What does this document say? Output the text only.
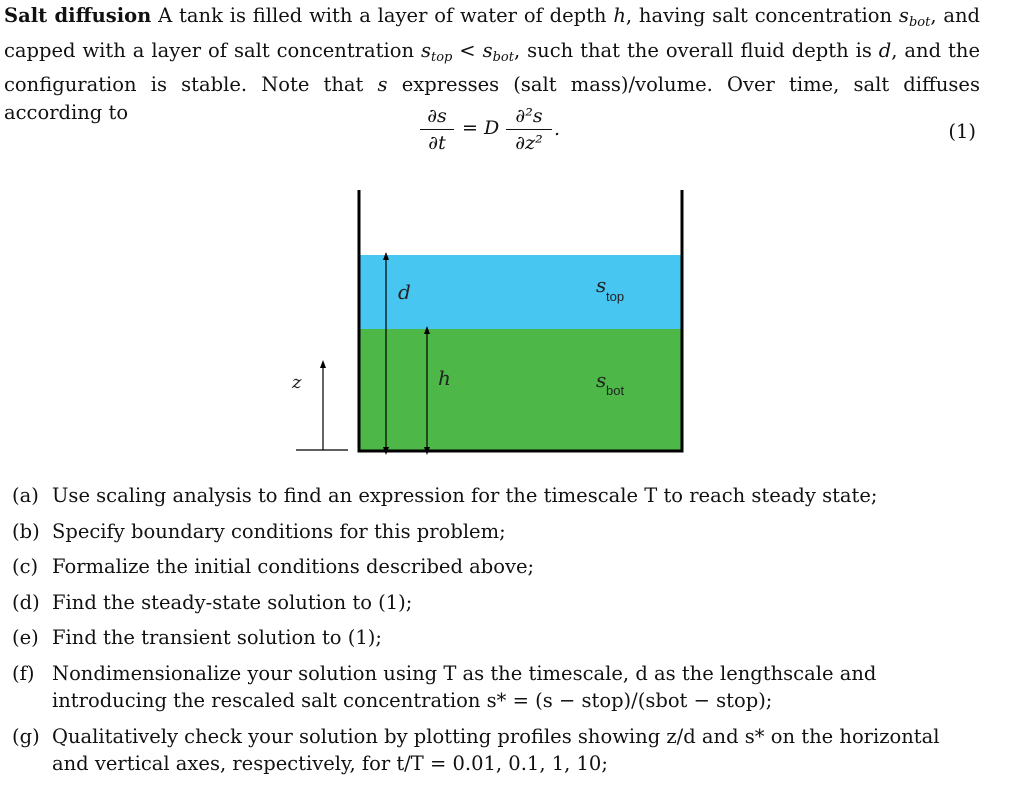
Salt diffusion A tank is filled with a layer of water of depth h, having salt concentration $s_{bot}$, and capped with a layer of salt concentration $s_{top} < s_{bot}$, such that the overall fluid depth is d, and the configuration is stable. Note that s expresses (salt mass)/volume. Over time, salt diffuses according to	∂s
∂t
= D
∂²s
∂z²
.	(1)
d
h
z
s top
s bot
(a) Use scaling analysis to find an expression for the timescale T to reach steady state;
(b) Specify boundary conditions for this problem;
(c) Formalize the initial conditions described above;
(d) Find the steady-state solution to (1);
(e) Find the transient solution to (1);
(f) Nondimensionalize your solution using T as the timescale, d as the lengthscale and introducing the rescaled salt concentration s* = (s − stop)/(sbot − stop);
(g) Qualitatively check your solution by plotting profiles showing z/d and s* on the horizontal and vertical axes, respectively, for t/T = 0.01, 0.1, 1, 10;
